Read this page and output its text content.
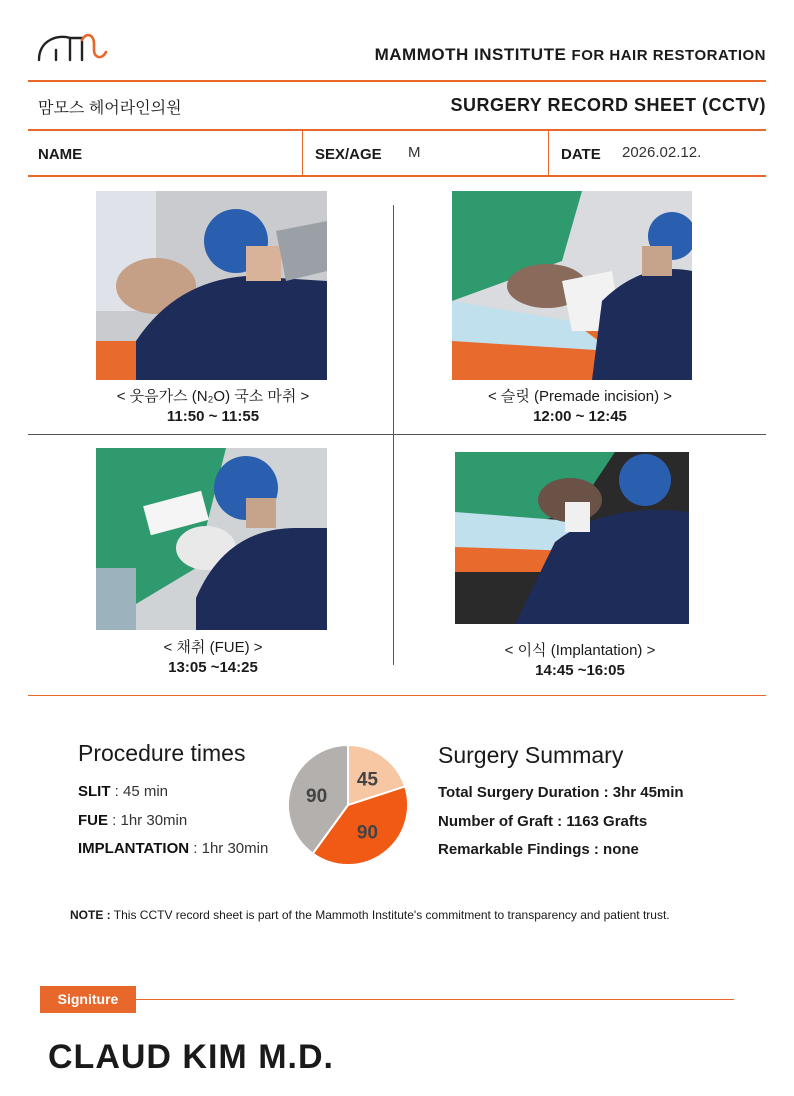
MAMMOTH INSTITUTE FOR HAIR RESTORATION
맘모스 헤어라인의원	SURGERY RECORD SHEET (CCTV)
NAME	SEX/AGE M	DATE 2026.02.12.
< 웃음가스 (N₂O) 국소 마취 >
11:50 ~ 11:55
< 슬릿 (Premade incision) >
12:00 ~ 12:45
< 채취 (FUE) >
13:05 ~14:25
< 이식 (Implantation) >
14:45 ~16:05
Procedure times
SLIT : 45 min
FUE : 1hr 30min
IMPLANTATION : 1hr 30min
45
90
90
Surgery Summary
Total Surgery Duration : 3hr 45min
Number of Graft : 1163 Grafts
Remarkable Findings : none
NOTE : This CCTV record sheet is part of the Mammoth Institute's commitment to transparency and patient trust.
Signiture
CLAUD KIM M.D.
